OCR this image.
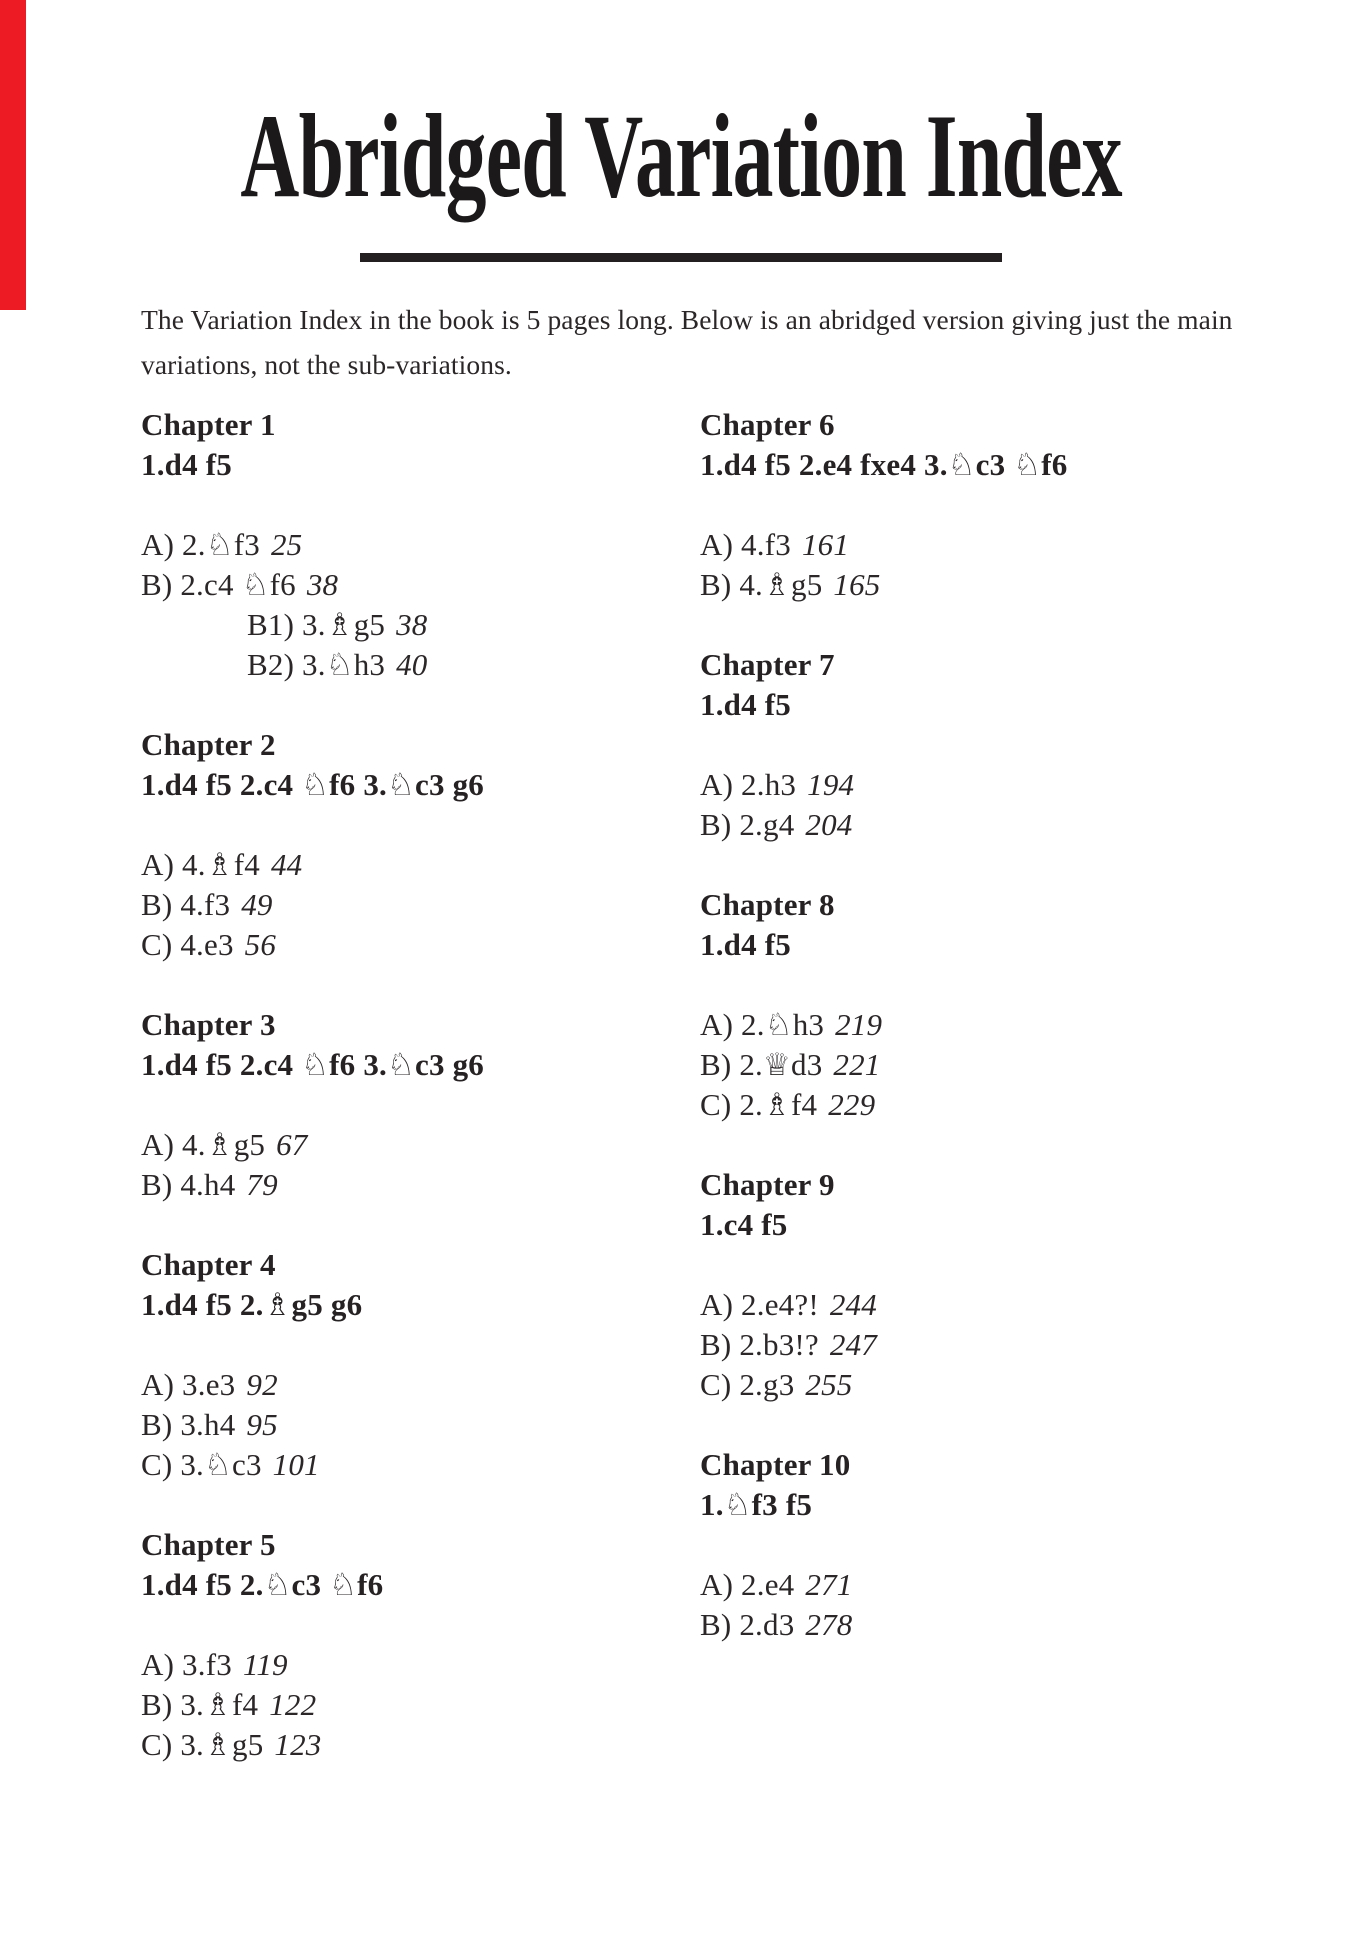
Abridged Variation Index
The Variation Index in the book is 5 pages long. Below is an abridged version giving just the main
variations, not the sub-variations.
Chapter 1
1.d4 f5
A) 2.♘f3 25
B) 2.c4 ♘f6 38
B1) 3.♗g5 38
B2) 3.♘h3 40
Chapter 2
1.d4 f5 2.c4 ♘f6 3.♘c3 g6
A) 4.♗f4 44
B) 4.f3 49
C) 4.e3 56
Chapter 3
1.d4 f5 2.c4 ♘f6 3.♘c3 g6
A) 4.♗g5 67
B) 4.h4 79
Chapter 4
1.d4 f5 2.♗g5 g6
A) 3.e3 92
B) 3.h4 95
C) 3.♘c3 101
Chapter 5
1.d4 f5 2.♘c3 ♘f6
A) 3.f3 119
B) 3.♗f4 122
C) 3.♗g5 123
Chapter 6
1.d4 f5 2.e4 fxe4 3.♘c3 ♘f6
A) 4.f3 161
B) 4.♗g5 165
Chapter 7
1.d4 f5
A) 2.h3 194
B) 2.g4 204
Chapter 8
1.d4 f5
A) 2.♘h3 219
B) 2.♕d3 221
C) 2.♗f4 229
Chapter 9
1.c4 f5
A) 2.e4?! 244
B) 2.b3!? 247
C) 2.g3 255
Chapter 10
1.♘f3 f5
A) 2.e4 271
B) 2.d3 278
